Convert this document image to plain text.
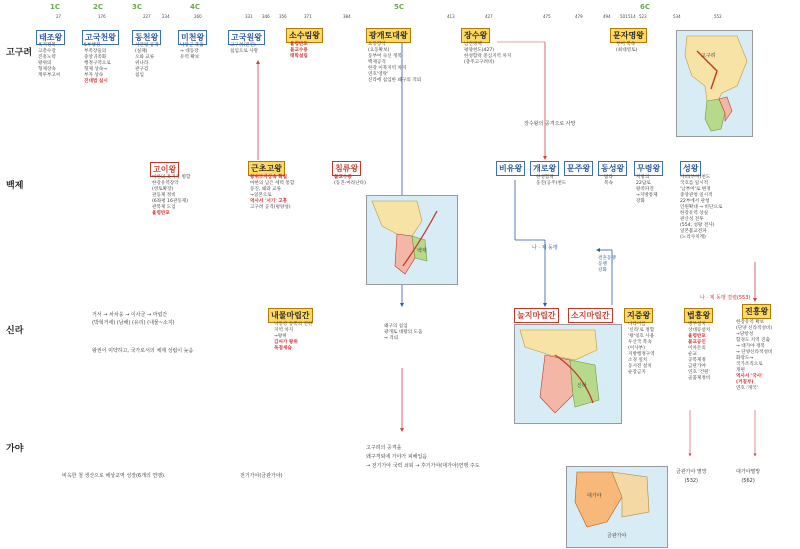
1C	2C	3C	4C	5C	6C
27	176	227	234	260	331 346 356	371	384	413	427	475	479	494 501 514 523	534	552
고구려
백제
신라
가야
태조왕
옥저정복
고총수장
진흥노력
왕위의
형제상속
계루부고씨
고국천왕
5부행정
부족장들의
중앙귀족화
행정구역으로
형제 상속→
부자 상속
진대법 실시
동천왕
서안평 공격
(실패)
오와 교류
위나라
관구검
침입
미천왕
낙랑군 축출
→ 대동강
유역 확보
고국원왕
고구려(전연)
침입으로 사망
소수림왕
율령반포
불교수용
태학설립
광개토대왕
요동장악
(요동확보)
동부여 숙신 정복
백제공격
한강 이북지역 차지
연호'영락'
신라에 침입한 왜구의 격퇴
장수왕
남진정책
평양천도(427)
한성함락 중심지역 차지
(충주고구려비)
문자명왕
부여 복속
(최대영토)
장수왕의 공격으로 사망
고구려
고이왕
마한의 목지국 병합
한강유역장악
(영토확장)
관등제 정비
(6좌평 16관등제)
관복제 도입
율령반포
근초고왕
왕위부자상속 확립
마한의 남은 세력 통합
동진, 왜와 교류
→일본으로
역사서 '서기' 고흥
고구려 공격(평양성)
침류왕
불교수용
(동진-마라난타)
비유왕	개로왕
한성함락
웅진(공주)천도
문주왕	동성왕
탐라
복속
무령왕
지방의
22담로
왕족파견
→지방통제
강화
성왕
사비(부여)천도
국호를 일시적
'남부여'로 변경
중앙관청 일시적
22부에서 관청
인원확대 → 비단으로
한강유역 상실
관산성 전투
(554, 성왕 전사)
일본불교전파
(노리사치계)
나 · 제 동맹
결혼동맹
동맹
강화
나 · 제 동맹 결렬(553)
백제
거서 → 차차웅 → 이사금 → 마립간
(박혁거세) (남해) (유리) (내물~소지)
왕권이 미약하고, 국가로서의 체제 성립이 늦음
내물마립간
낙동강 동쪽의 진한
지역 차지
→왕위
김씨가 왕위
독점세습
왜구의 침입
광개토 대왕의 도움
→ 격퇴
눌지마립간	소지마립간	지증왕
나라이름
'신라'로 정함
'왕'칭호 사용
우산국 복속
(이사부)
지방행정구역
소경 설치
동시전 설치
순장금지
법흥왕
병부설치
상대등설치
율령반포
불교공인
이차돈의
순교
공복제정
금관가야
연호 '건원'
골품제정비
진흥왕
한강유역 확보
(단양 신라적성비)
→당항성
함경도 지역 진출
→ 대가야 정복
→ 단양신라적성비
화랑도→
국가조직으로
개편
역사서 '국사'
(거칠부)
연호 '개국'
신라
비옥한 철 생산으로 해상교역 성장(6개의 연맹).	전기가야(금관가야)
고구려의 공격을
왜구격퇴에 가야가 피해입음
→ 전기가야 국력 쇠퇴 → 후기가야(대가야)연맹 주도
금관가야 멸망
(532)
대가야멸망
(562)
대가야
금관가야
